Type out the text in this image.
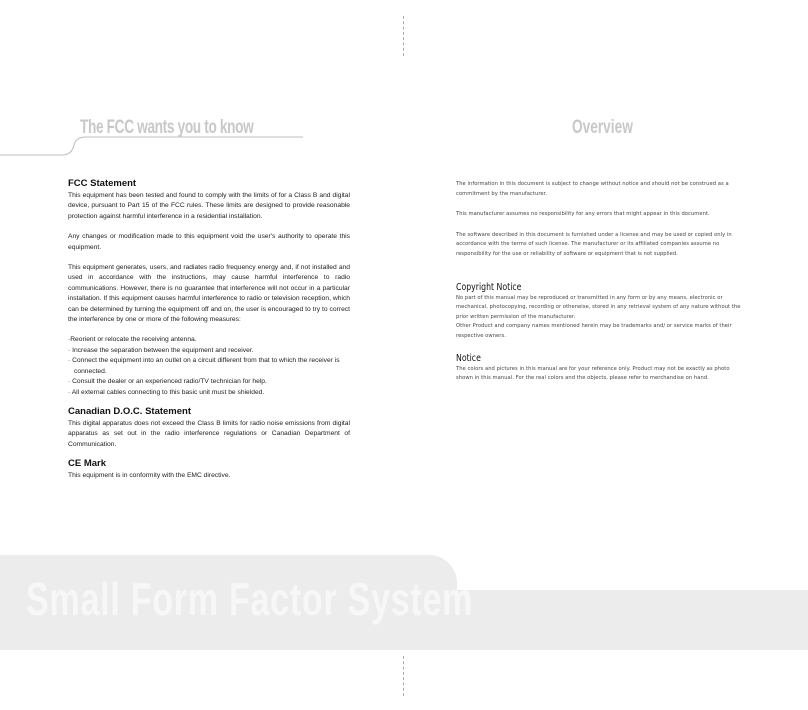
The FCC wants you to know	Overview
FCC Statement

This equipment has been tested and found to comply with the limits of for a Class B and digital device, pursuant to Part 15 of the FCC rules. These limits are designed to provide reasonable protection against harmful interference in a residential installation.

Any changes or modification made to this equipment void the user's authority to operate this equipment.

This equipment generates, users, and radiates radio frequency energy and, if not installed and used in accordance with the instructions, may cause harmful interference to radio communications. However, there is no guarantee that interference will not occur in a particular installation. If this equipment causes harmful interference to radio or television reception, which can be determined by turning the equipment off and on, the user is encouraged to try to correct the interference by one or more of the following measures:

·Reorient or relocate the receiving antenna.

· Increase the separation between the equipment and receiver.

· Connect the equipment into an outlet on a circuit different from that to which the receiver is

connected.

· Consult the dealer or an experienced radio/TV technician for help.

· All external cables connecting to this basic unit must be shielded.

Canadian D.O.C. Statement

This digital apparatus does not exceed the Class B limits for radio noise emissions from digital apparatus as set out in the radio interference regulations or Canadian Department of Communication.

CE Mark

This equipment is in conformity with the EMC directive.

The information in this document is subject to change without notice and should not be construed as a commitment by the manufacturer.

This manufacturer assumes no responsibility for any errors that might appear in this document.

The software described in this document is furnished under a license and may be used or copied only in accordance with the terms of such license. The manufacturer or its affiliated companies assume no responsibility for the use or reliability of software or equipment that is not supplied.

Copyright Notice

No part of this manual may be reproduced or transmitted in any form or by any means, electronic or mechanical, photocopying, recording or otherwise, stored in any retrieval system of any nature without the prior written permission of the manufacturer.

Other Product and company names mentioned herein may be trademarks and/ or service marks of their respective owners.

Notice

The colors and pictures in this manual are for your reference only. Product may not be exactly as photo shown in this manual. For the real colors and the objects, please refer to merchandise on hand.

Small Form Factor System
